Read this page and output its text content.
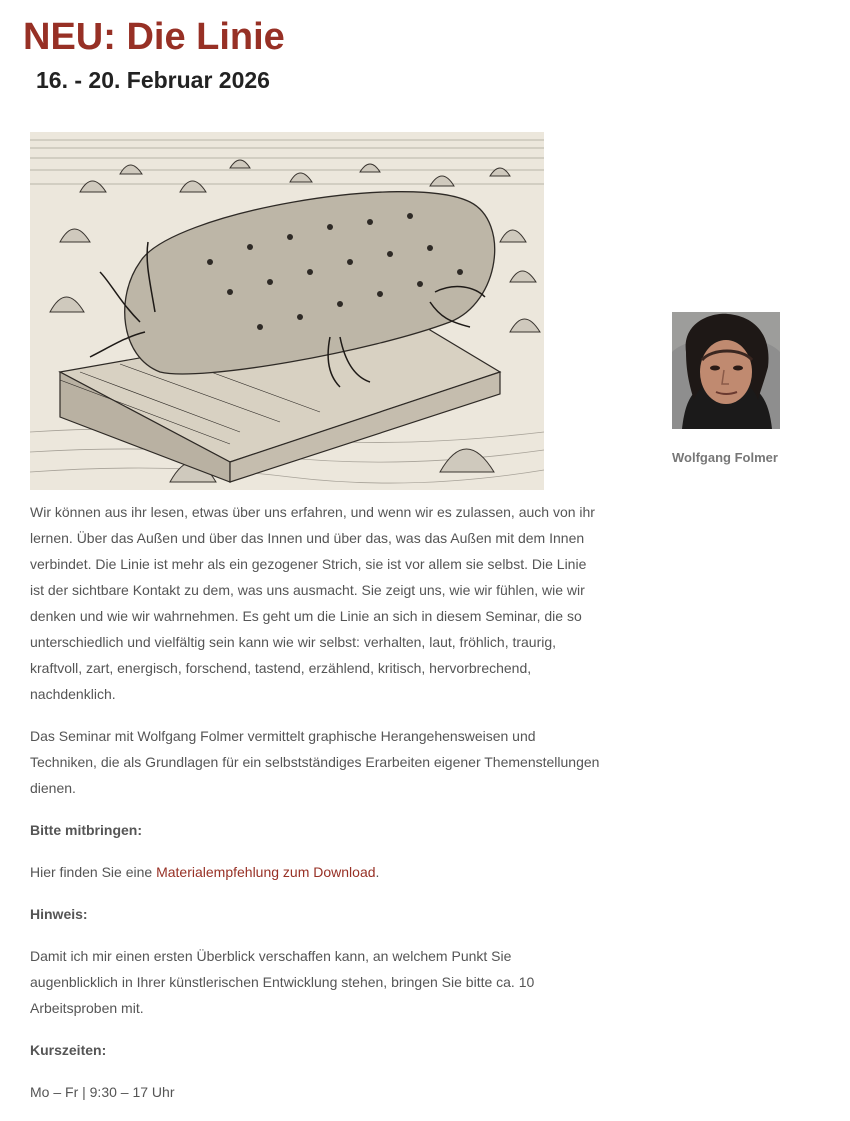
NEU: Die Linie
16. - 20. Februar 2026

Wolfgang Folmer

Wir können aus ihr lesen, etwas über uns erfahren, und wenn wir es zulassen, auch von ihr lernen. Über das Außen und über das Innen und über das, was das Außen mit dem Innen verbindet. Die Linie ist mehr als ein gezogener Strich, sie ist vor allem sie selbst. Die Linie ist der sichtbare Kontakt zu dem, was uns ausmacht. Sie zeigt uns, wie wir fühlen, wie wir denken und wie wir wahrnehmen. Es geht um die Linie an sich in diesem Seminar, die so unterschiedlich und vielfältig sein kann wie wir selbst: verhalten, laut, fröhlich, traurig, kraftvoll, zart, energisch, forschend, tastend, erzählend, kritisch, hervorbrechend, nachdenklich.

Das Seminar mit Wolfgang Folmer vermittelt graphische Herangehensweisen und Techniken, die als Grundlagen für ein selbstständiges Erarbeiten eigener Themenstellungen dienen.

Bitte mitbringen:

Hier finden Sie eine Materialempfehlung zum Download.

Hinweis:

Damit ich mir einen ersten Überblick verschaffen kann, an welchem Punkt Sie augenblicklich in Ihrer künstlerischen Entwicklung stehen, bringen Sie bitte ca. 10 Arbeitsproben mit.

Kurszeiten:

Mo – Fr | 9:30 – 17 Uhr
